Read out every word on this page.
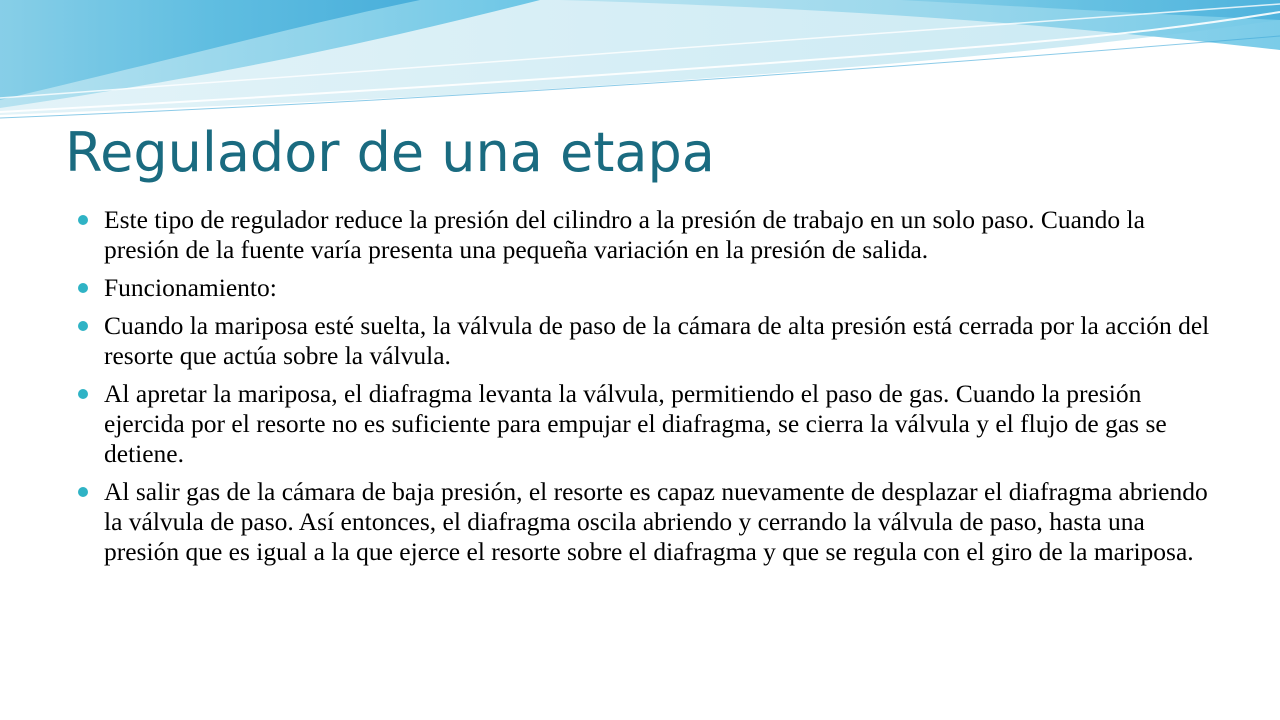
Regulador de una etapa
Este tipo de regulador reduce la presión del cilindro a la presión de trabajo en un solo paso. Cuando la presión de la fuente varía presenta una pequeña variación en la presión de salida.
Funcionamiento:
Cuando la mariposa esté suelta, la válvula de paso de la cámara de alta presión está cerrada por la acción del resorte que actúa sobre la válvula.
Al apretar la mariposa, el diafragma levanta la válvula, permitiendo el paso de gas. Cuando la presión ejercida por el resorte no es suficiente para empujar el diafragma, se cierra la válvula y el flujo de gas se detiene.
Al salir gas de la cámara de baja presión, el resorte es capaz nuevamente de desplazar el diafragma abriendo la válvula de paso. Así entonces, el diafragma oscila abriendo y cerrando la válvula de paso, hasta una presión que es igual a la que ejerce el resorte sobre el diafragma y que se regula con el giro de la mariposa.
